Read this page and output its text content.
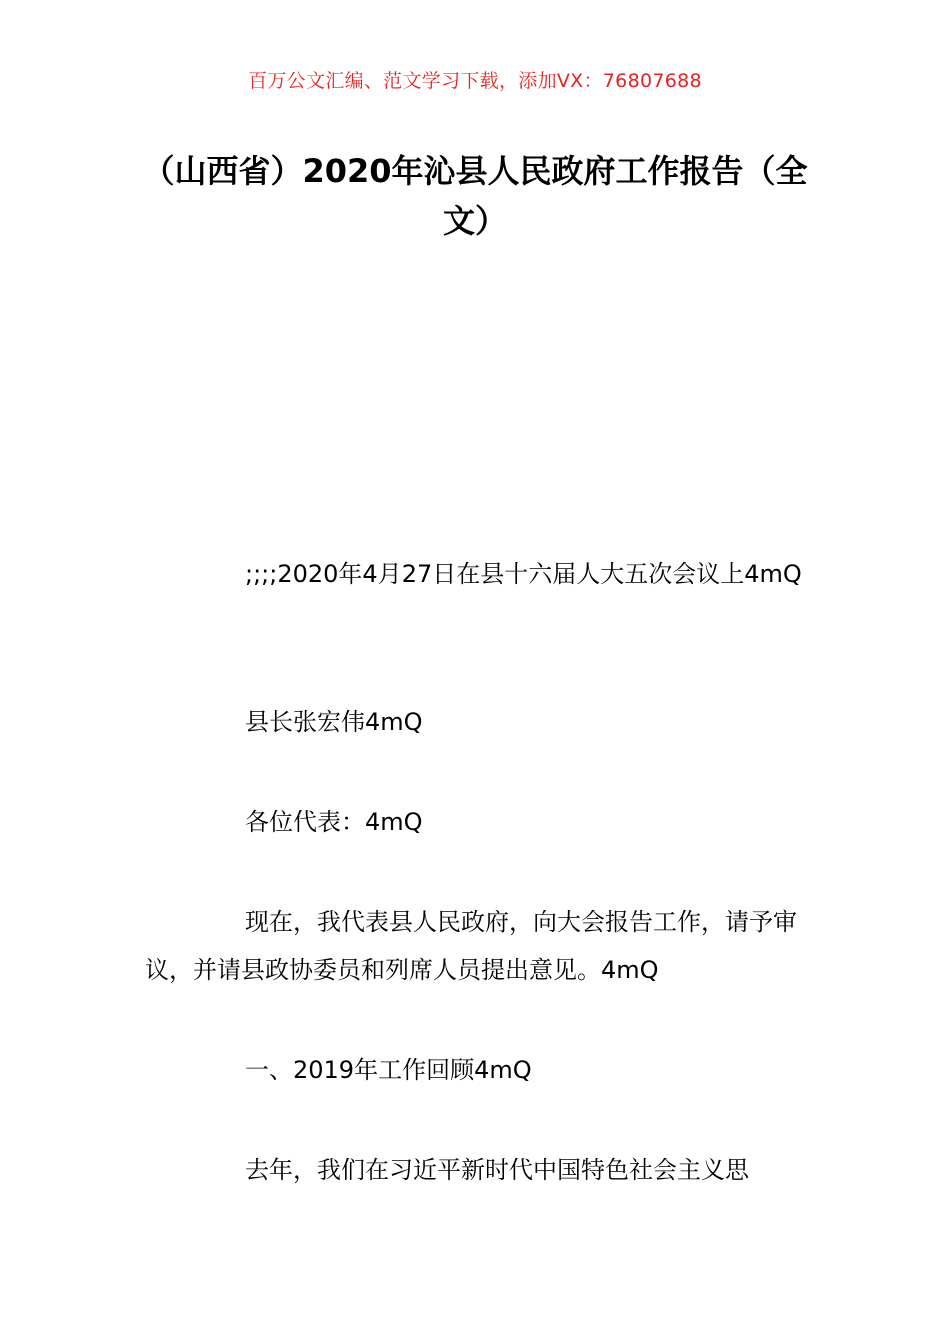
百万公文汇编、范文学习下载，添加VX：76807688
（山西省）2020年沁县人民政府工作报告（全文）

;;;;2020年4月27日在县十六届人大五次会议上4mQ

县长张宏伟4mQ

各位代表：4mQ

现在，我代表县人民政府，向大会报告工作，请予审议，并请县政协委员和列席人员提出意见。4mQ

一、2019年工作回顾4mQ

去年，我们在习近平新时代中国特色社会主义思
